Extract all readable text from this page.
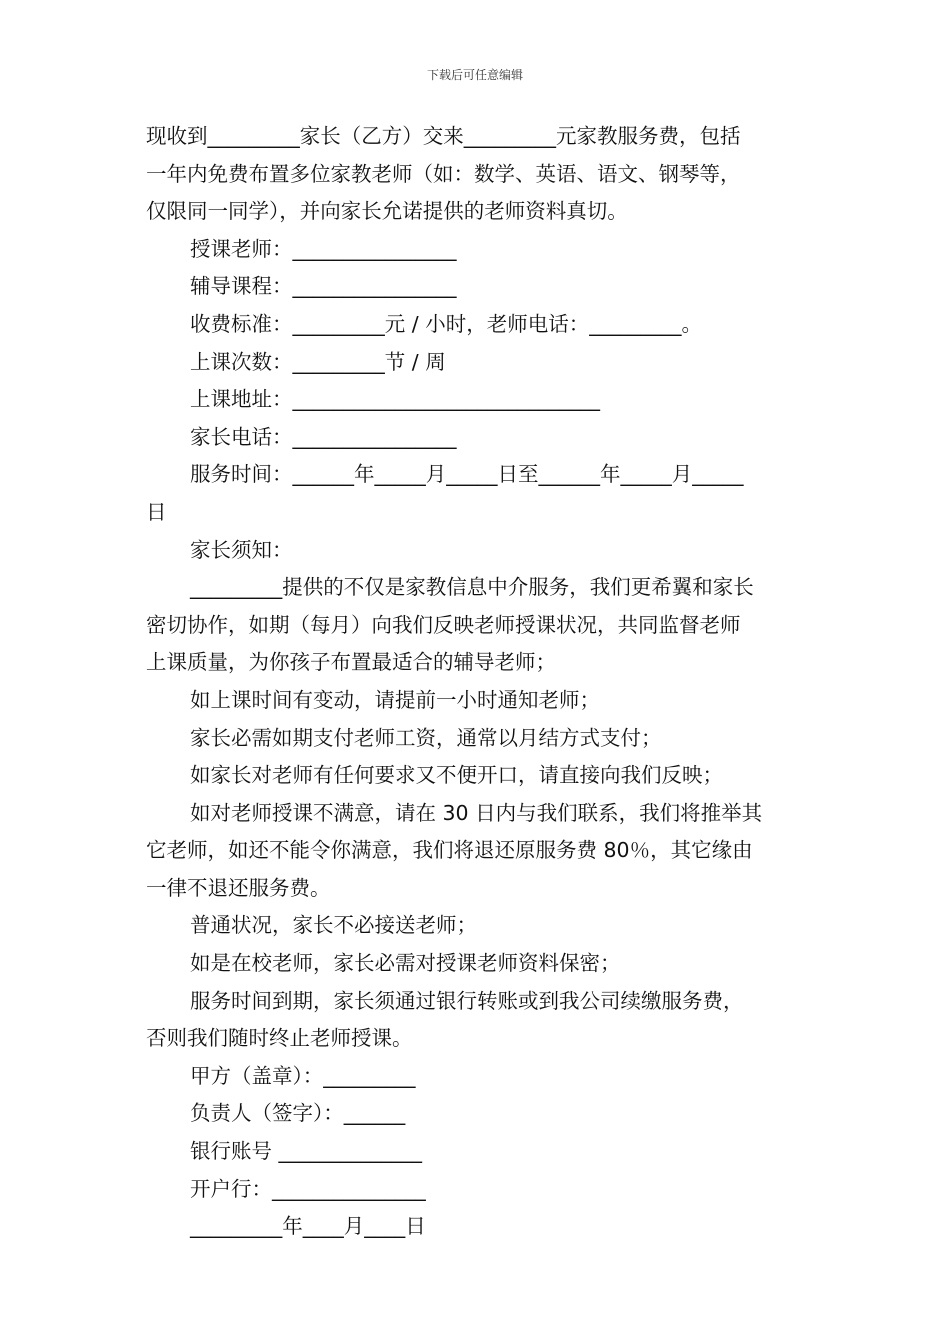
下载后可任意编辑

现收到_________家长（乙方）交来_________元家教服务费，包括

一年内免费布置多位家教老师（如：数学、英语、语文、钢琴等，

仅限同一同学），并向家长允诺提供的老师资料真切。

授课老师：________________

辅导课程：________________

收费标准：_________元 / 小时，老师电话：_________。

上课次数：_________节 / 周

上课地址：______________________________

家长电话：________________

服务时间：______年_____月_____日至______年_____月_____

日

家长须知：

_________提供的不仅是家教信息中介服务，我们更希翼和家长

密切协作，如期（每月）向我们反映老师授课状况，共同监督老师

上课质量，为你孩子布置最适合的辅导老师；

如上课时间有变动，请提前一小时通知老师；

家长必需如期支付老师工资，通常以月结方式支付；

如家长对老师有任何要求又不便开口，请直接向我们反映；

如对老师授课不满意，请在 30 日内与我们联系，我们将推举其

它老师，如还不能令你满意，我们将退还原服务费 80％，其它缘由

一律不退还服务费。

普通状况，家长不必接送老师；

如是在校老师，家长必需对授课老师资料保密；

服务时间到期，家长须通过银行转账或到我公司续缴服务费，

否则我们随时终止老师授课。

甲方（盖章）：_________

负责人（签字）：______

银行账号 ______________

开户行：_______________

_________年____月____日
